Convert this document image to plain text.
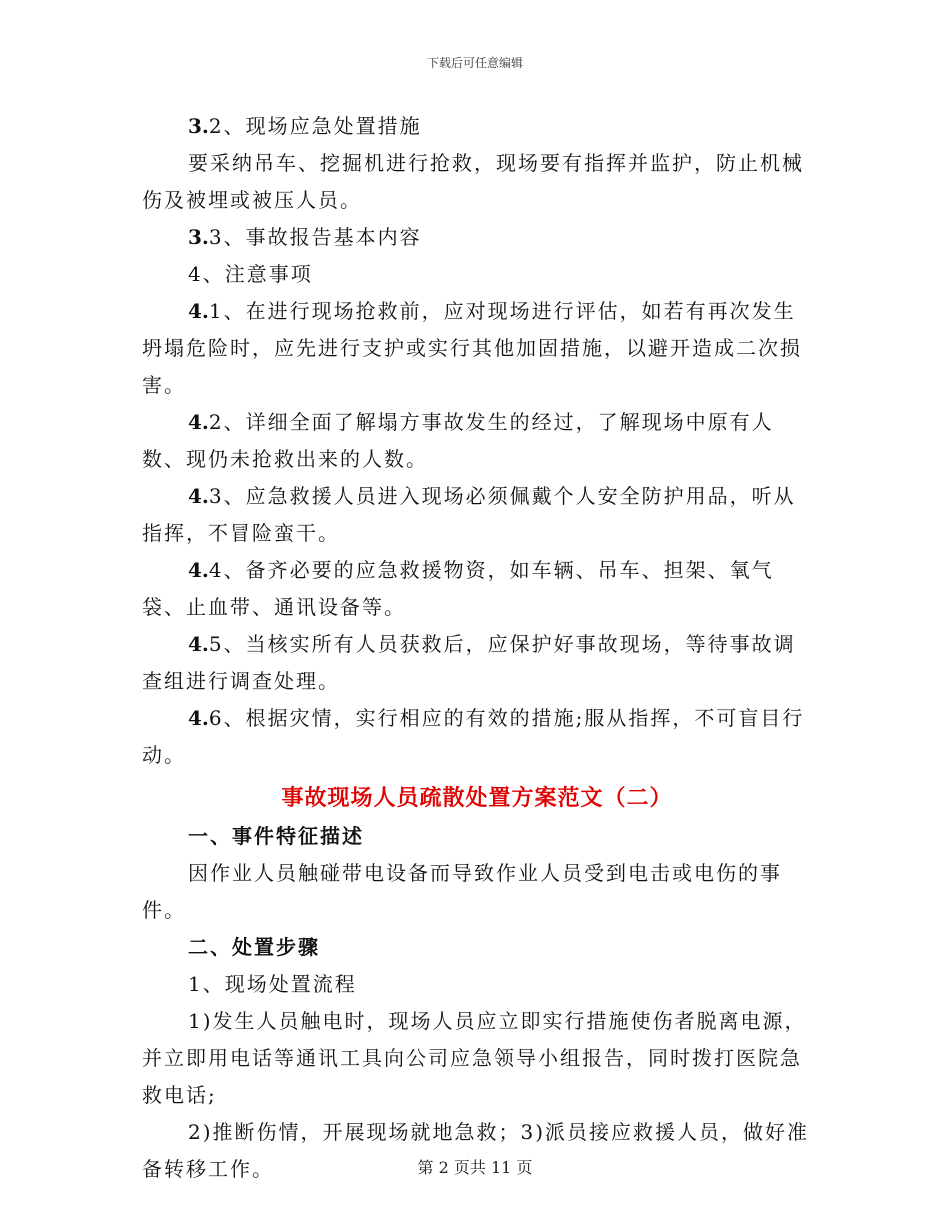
下载后可任意编辑

3.2、现场应急处置措施

要采纳吊车、挖掘机进行抢救，现场要有指挥并监护，防止机械伤及被埋或被压人员。

3.3、事故报告基本内容

4、注意事项

4.1、在进行现场抢救前，应对现场进行评估，如若有再次发生坍塌危险时，应先进行支护或实行其他加固措施，以避开造成二次损害。

4.2、详细全面了解塌方事故发生的经过，了解现场中原有人数、现仍未抢救出来的人数。

4.3、应急救援人员进入现场必须佩戴个人安全防护用品，听从指挥，不冒险蛮干。

4.4、备齐必要的应急救援物资，如车辆、吊车、担架、氧气袋、止血带、通讯设备等。

4.5、当核实所有人员获救后，应保护好事故现场，等待事故调查组进行调查处理。

4.6、根据灾情，实行相应的有效的措施;服从指挥，不可盲目行动。

事故现场人员疏散处置方案范文（二）

一、事件特征描述

因作业人员触碰带电设备而导致作业人员受到电击或电伤的事件。

二、处置步骤

1、现场处置流程

1)发生人员触电时，现场人员应立即实行措施使伤者脱离电源，并立即用电话等通讯工具向公司应急领导小组报告，同时拨打医院急救电话;

2)推断伤情，开展现场就地急救；3)派员接应救援人员，做好准备转移工作。	第 2 页共 11 页
